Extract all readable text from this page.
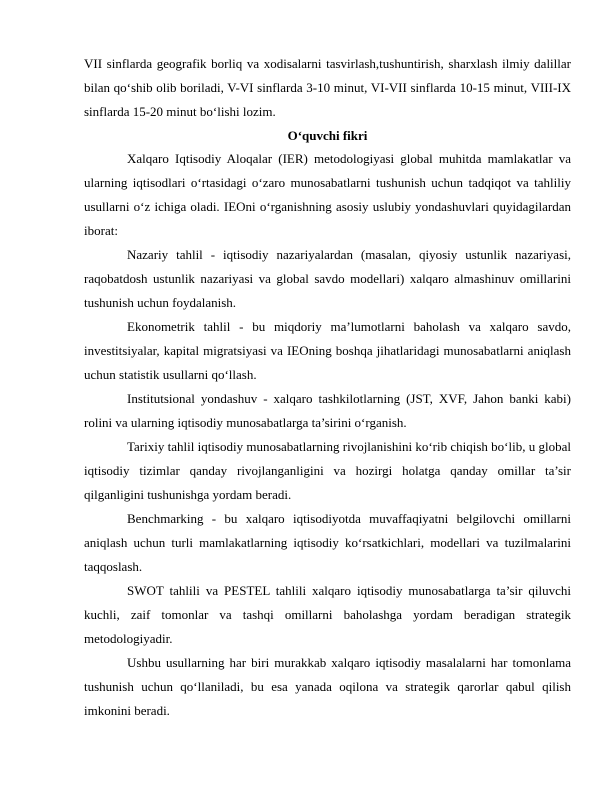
VII sinflarda geografik borliq va xodisalarni tasvirlash,tushuntirish, sharxlash ilmiy dalillar bilan qo‘shib olib boriladi, V-VI sinflarda 3-10 minut, VI-VII sinflarda 10-15 minut, VIII-IX sinflarda 15-20 minut bo‘lishi lozim.

O‘quvchi fikri

Xalqaro Iqtisodiy Aloqalar (IER) metodologiyasi global muhitda mamlakatlar va ularning iqtisodlari o‘rtasidagi o‘zaro munosabatlarni tushunish uchun tadqiqot va tahliliy usullarni o‘z ichiga oladi. IEOni o‘rganishning asosiy uslubiy yondashuvlari quyidagilardan iborat:

Nazariy tahlil - iqtisodiy nazariyalardan (masalan, qiyosiy ustunlik nazariyasi, raqobatdosh ustunlik nazariyasi va global savdo modellari) xalqaro almashinuv omillarini tushunish uchun foydalanish.

Ekonometrik tahlil - bu miqdoriy ma’lumotlarni baholash va xalqaro savdo, investitsiyalar, kapital migratsiyasi va IEOning boshqa jihatlaridagi munosabatlarni aniqlash uchun statistik usullarni qo‘llash.

Institutsional yondashuv - xalqaro tashkilotlarning (JST, XVF, Jahon banki kabi) rolini va ularning iqtisodiy munosabatlarga ta’sirini o‘rganish.

Tarixiy tahlil iqtisodiy munosabatlarning rivojlanishini ko‘rib chiqish bo‘lib, u global iqtisodiy tizimlar qanday rivojlanganligini va hozirgi holatga qanday omillar ta’sir qilganligini tushunishga yordam beradi.

Benchmarking - bu xalqaro iqtisodiyotda muvaffaqiyatni belgilovchi omillarni aniqlash uchun turli mamlakatlarning iqtisodiy ko‘rsatkichlari, modellari va tuzilmalarini taqqoslash.

SWOT tahlili va PESTEL tahlili xalqaro iqtisodiy munosabatlarga ta’sir qiluvchi kuchli, zaif tomonlar va tashqi omillarni baholashga yordam beradigan strategik metodologiyadir.

Ushbu usullarning har biri murakkab xalqaro iqtisodiy masalalarni har tomonlama tushunish uchun qo‘llaniladi, bu esa yanada oqilona va strategik qarorlar qabul qilish imkonini beradi.
